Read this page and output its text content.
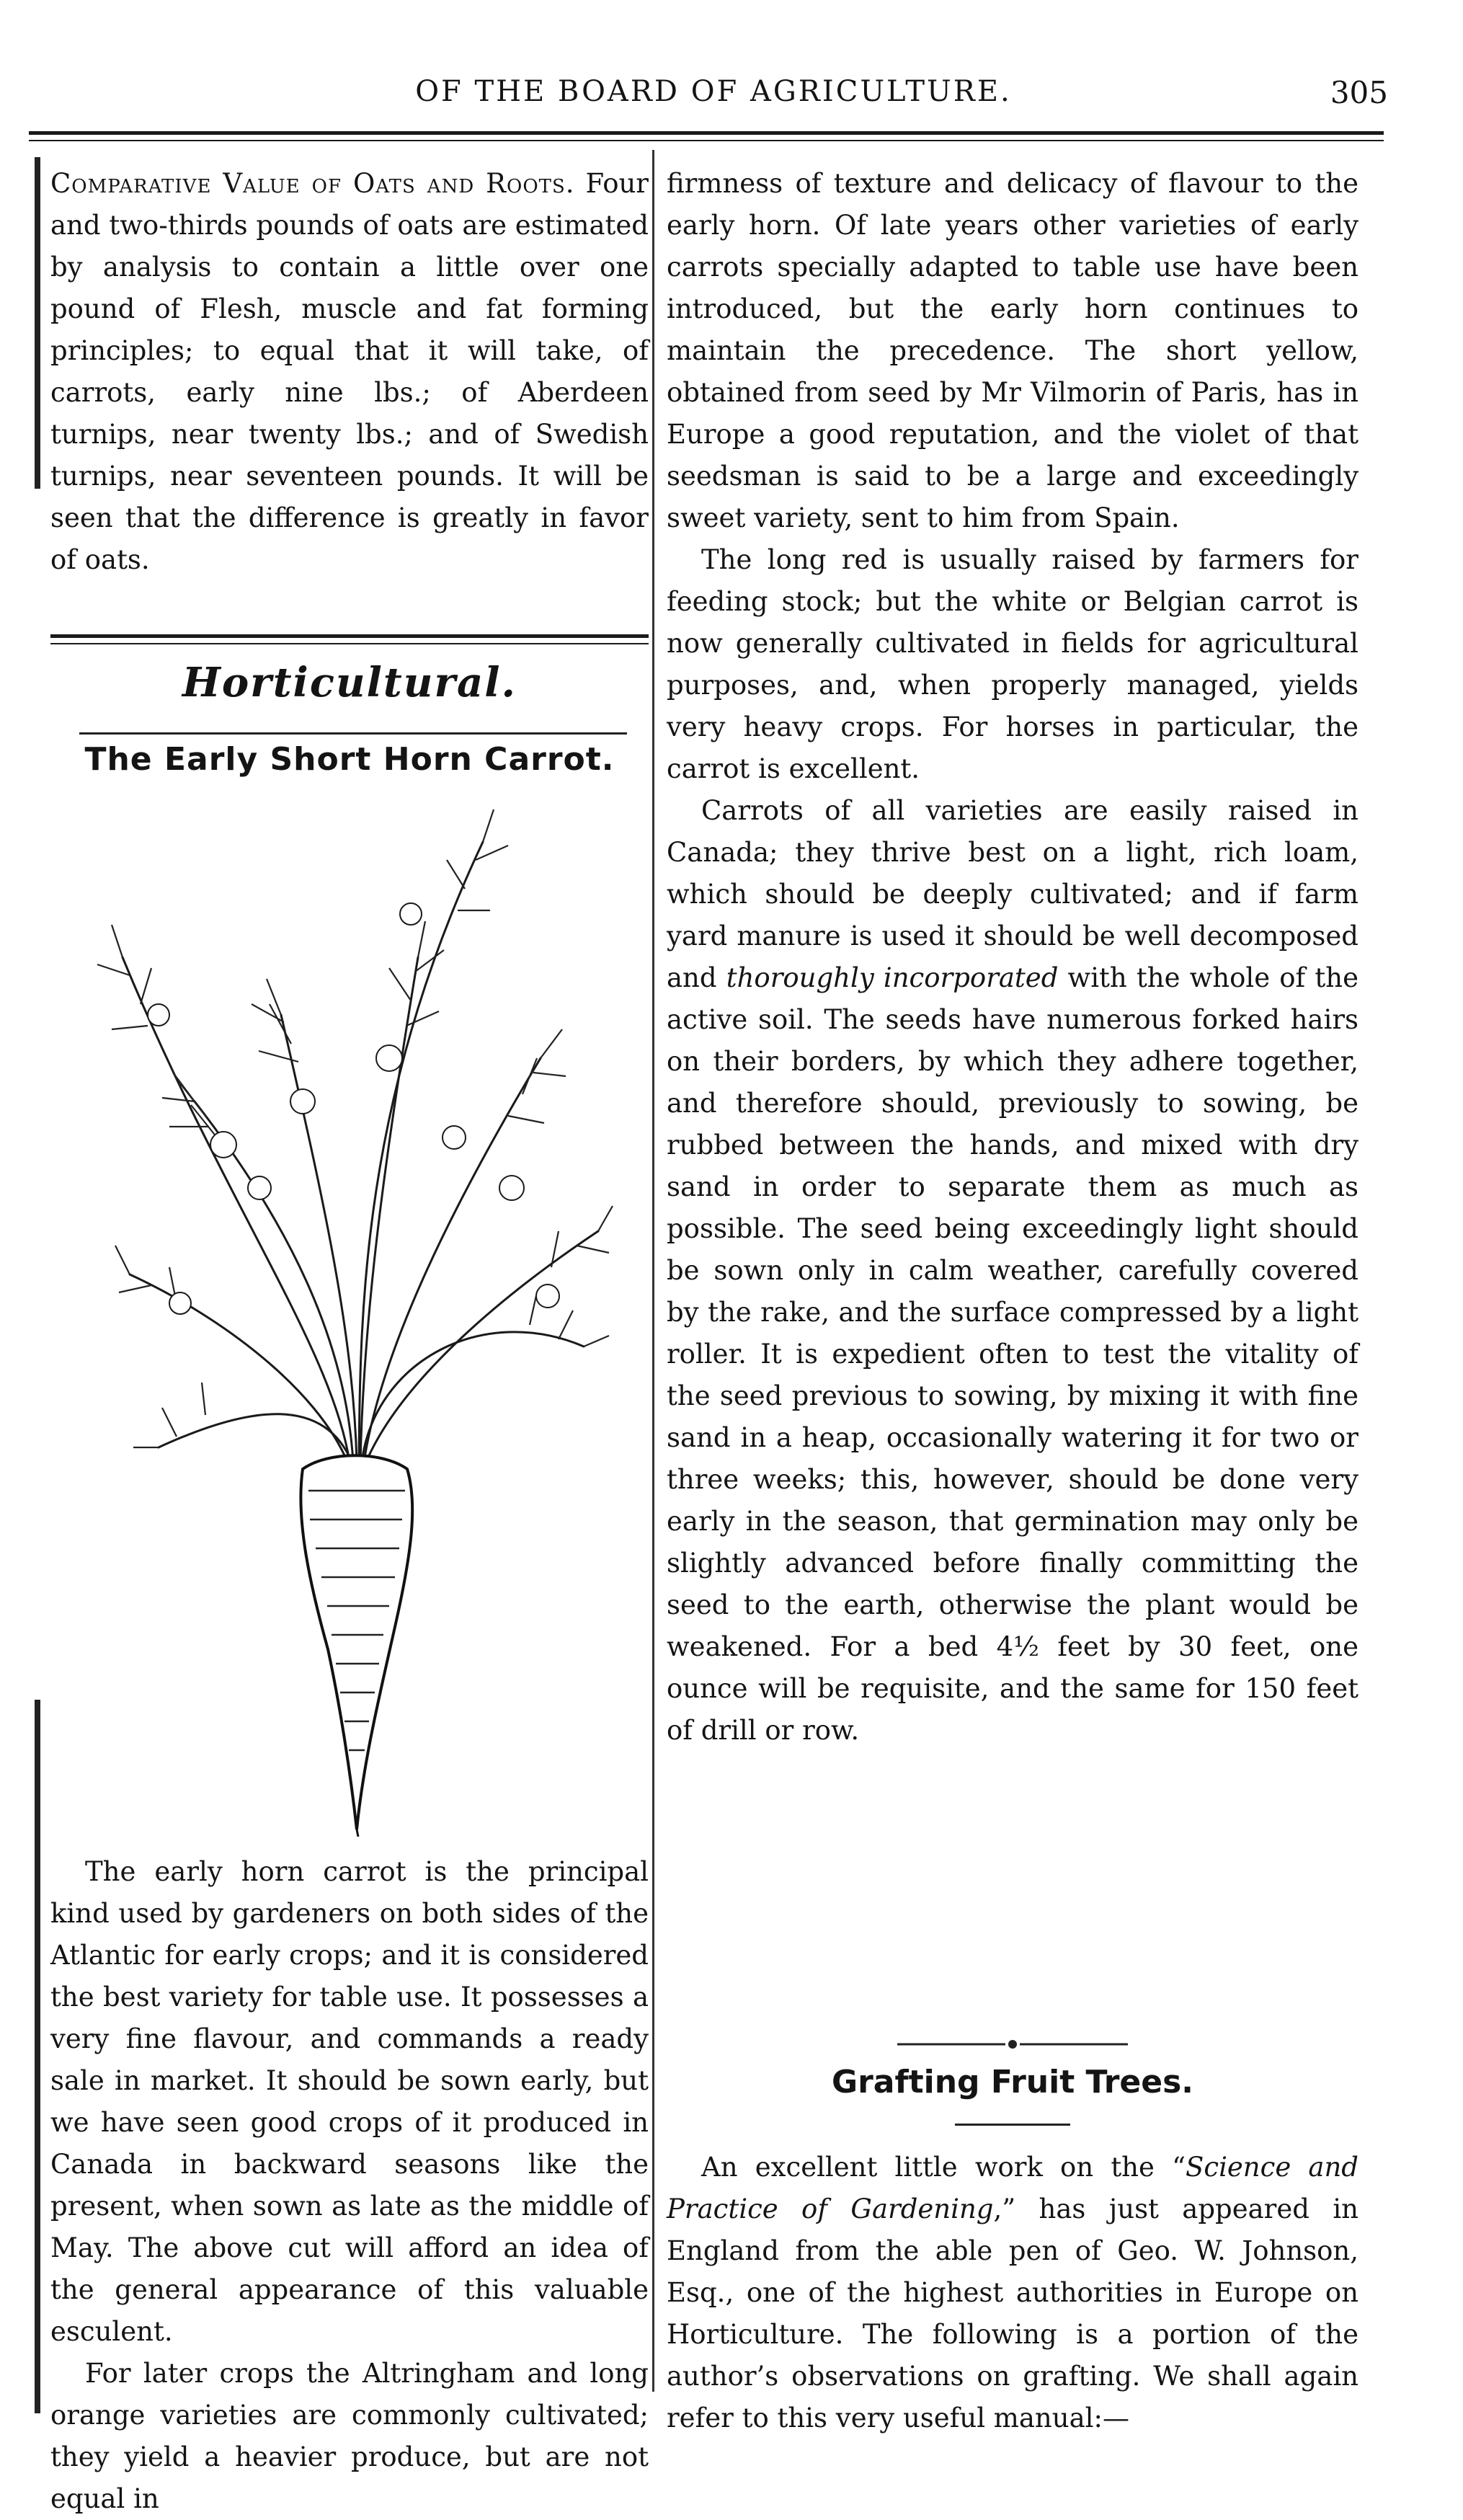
OF THE BOARD OF AGRICULTURE.	305

Comparative Value of Oats and Roots. Four and two-thirds pounds of oats are estimated by analysis to contain a little over one pound of Flesh, muscle and fat forming principles; to equal that it will take, of carrots, early nine lbs.; of Aberdeen turnips, near twenty lbs.; and of Swedish turnips, near seventeen pounds. It will be seen that the difference is greatly in favor of oats.

Horticultural.
The Early Short Horn Carrot.

The early horn carrot is the principal kind used by gardeners on both sides of the Atlantic for early crops; and it is considered the best variety for table use. It possesses a very fine flavour, and commands a ready sale in market. It should be sown early, but we have seen good crops of it produced in Canada in backward seasons like the present, when sown as late as the middle of May. The above cut will afford an idea of the general appearance of this valuable esculent.

For later crops the Altringham and long orange varieties are commonly cultivated; they yield a heavier produce, but are not equal in

firmness of texture and delicacy of flavour to the early horn. Of late years other varieties of early carrots specially adapted to table use have been introduced, but the early horn continues to maintain the precedence. The short yellow, obtained from seed by Mr Vilmorin of Paris, has in Europe a good reputation, and the violet of that seedsman is said to be a large and exceedingly sweet variety, sent to him from Spain.

The long red is usually raised by farmers for feeding stock; but the white or Belgian carrot is now generally cultivated in fields for agricultural purposes, and, when properly managed, yields very heavy crops. For horses in particular, the carrot is excellent.

Carrots of all varieties are easily raised in Canada; they thrive best on a light, rich loam, which should be deeply cultivated; and if farm yard manure is used it should be well decomposed and thoroughly incorporated with the whole of the active soil. The seeds have numerous forked hairs on their borders, by which they adhere together, and therefore should, previously to sowing, be rubbed between the hands, and mixed with dry sand in order to separate them as much as possible. The seed being exceedingly light should be sown only in calm weather, carefully covered by the rake, and the surface compressed by a light roller. It is expedient often to test the vitality of the seed previous to sowing, by mixing it with fine sand in a heap, occasionally watering it for two or three weeks; this, however, should be done very early in the season, that germination may only be slightly advanced before finally committing the seed to the earth, otherwise the plant would be weakened. For a bed 4½ feet by 30 feet, one ounce will be requisite, and the same for 150 feet of drill or row.

Grafting Fruit Trees.

An excellent little work on the “Science and Practice of Gardening,” has just appeared in England from the able pen of Geo. W. Johnson, Esq., one of the highest authorities in Europe on Horticulture. The following is a portion of the author’s observations on grafting. We shall again refer to this very useful manual:—
